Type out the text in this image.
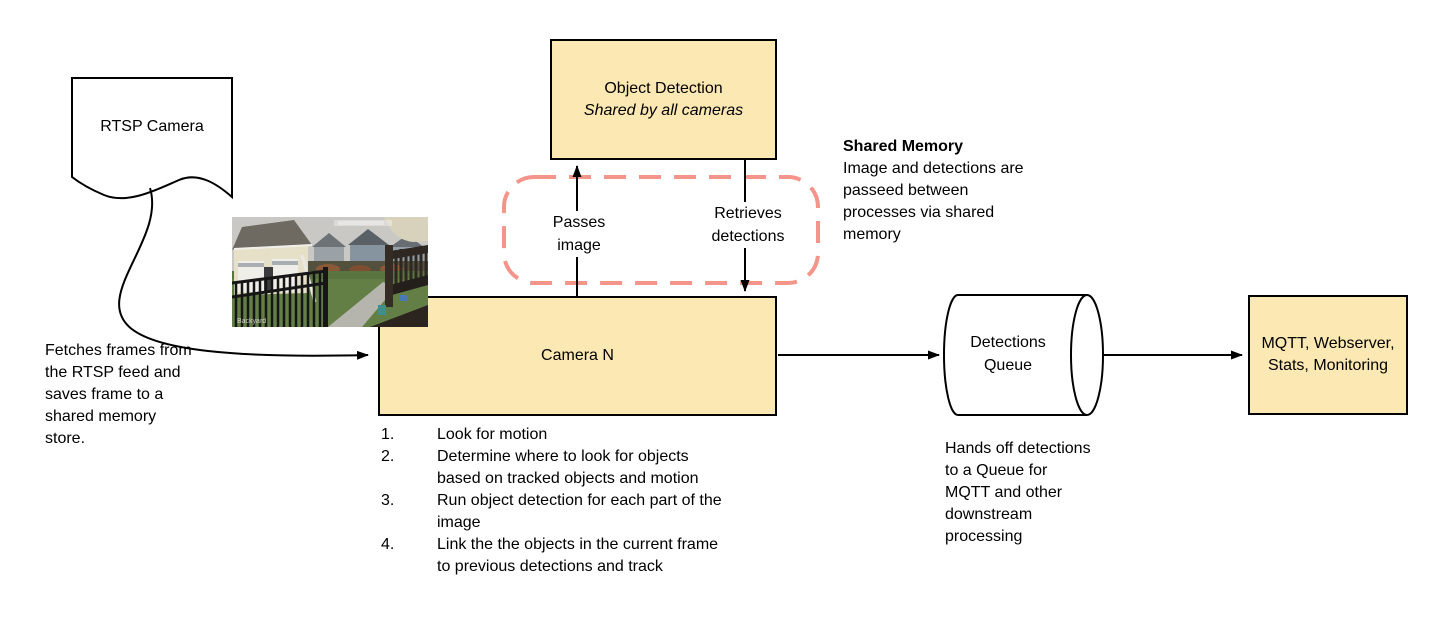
RTSP Camera
Fetches frames from
the RTSP feed and
saves frame to a
shared memory
store.
Object Detection
Shared by all cameras
Camera N
MQTT, Webserver,
Stats, Monitoring
Detections
Queue
Shared Memory
Image and detections are
passeed between
processes via shared
memory
Hands off detections
to a Queue for
MQTT and other
downstream
processing
1.	Look for motion
2.	Determine where to look for objects
based on tracked objects and motion
3.	Run object detection for each part of the
image
4.	Link the the objects in the current frame
to previous detections and track
Passes
image
Retrieves
detections
Backyard
